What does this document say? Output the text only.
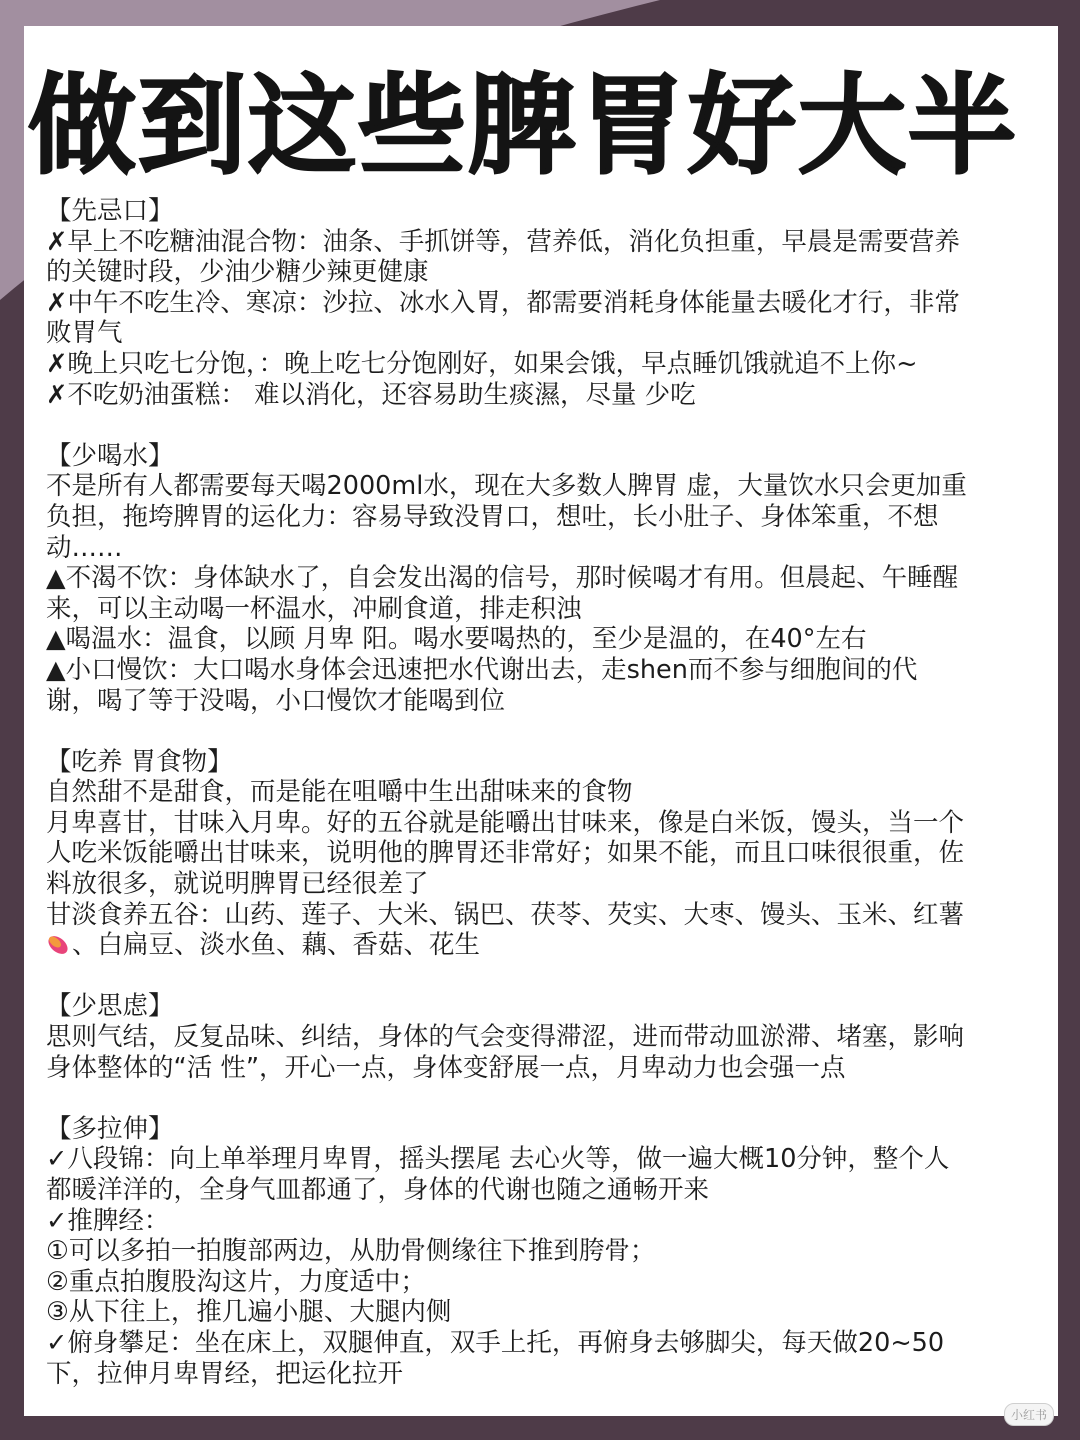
做到这些脾胃好大半
【先忌口】
✗早上不吃糖油混合物：油条、手抓饼等，营养低，消化负担重，早晨是需要营养
的关键时段，少油少糖少辣更健康
✗中午不吃生冷、寒凉：沙拉、冰水入胃，都需要消耗身体能量去暖化才行，非常
败胃气
✗晚上只吃七分饱，：晚上吃七分饱刚好，如果会饿，早点睡饥饿就追不上你~
✗不吃奶油蛋糕： 难以消化，还容易助生痰濕，尽量 少吃
【少喝水】
不是所有人都需要每天喝2000ml水，现在大多数人脾胃 虚，大量饮水只会更加重
负担，拖垮脾胃的运化力：容易导致没胃口，想吐，长小肚子、身体笨重，不想
动……
▲不渴不饮：身体缺水了，自会发出渴的信号，那时候喝才有用。但晨起、午睡醒
来，可以主动喝一杯温水，冲刷食道，排走积浊
▲喝温水：温食，以顾 月卑 阳。喝水要喝热的，至少是温的，在40°左右
▲小口慢饮：大口喝水身体会迅速把水代谢出去，走shen而不参与细胞间的代
谢，喝了等于没喝，小口慢饮才能喝到位
【吃养 胃食物】
自然甜不是甜食，而是能在咀嚼中生出甜味来的食物
月卑喜甘，甘味入月卑。好的五谷就是能嚼出甘味来，像是白米饭，馒头，当一个
人吃米饭能嚼出甘味来，说明他的脾胃还非常好；如果不能，而且口味很很重，佐
料放很多，就说明脾胃已经很差了
甘淡食养五谷：山药、莲子、大米、锅巴、茯苓、芡实、大枣、馒头、玉米、红薯
、白扁豆、淡水鱼、藕、香菇、花生
【少思虑】
思则气结，反复品味、纠结，身体的气会变得滞涩，进而带动皿淤滞、堵塞，影响
身体整体的“活 性”，开心一点，身体变舒展一点，月卑动力也会强一点
【多拉伸】
✓八段锦：向上单举理月卑胃，摇头摆尾 去心火等，做一遍大概10分钟，整个人
都暖洋洋的，全身气皿都通了，身体的代谢也随之通畅开来
✓推脾经：
①可以多拍一拍腹部两边，从肋骨侧缘往下推到胯骨；
②重点拍腹股沟这片，力度适中；
③从下往上，推几遍小腿、大腿内侧
✓俯身攀足：坐在床上，双腿伸直，双手上托，再俯身去够脚尖，每天做20~50
下，拉伸月卑胃经，把运化拉开
小红书
